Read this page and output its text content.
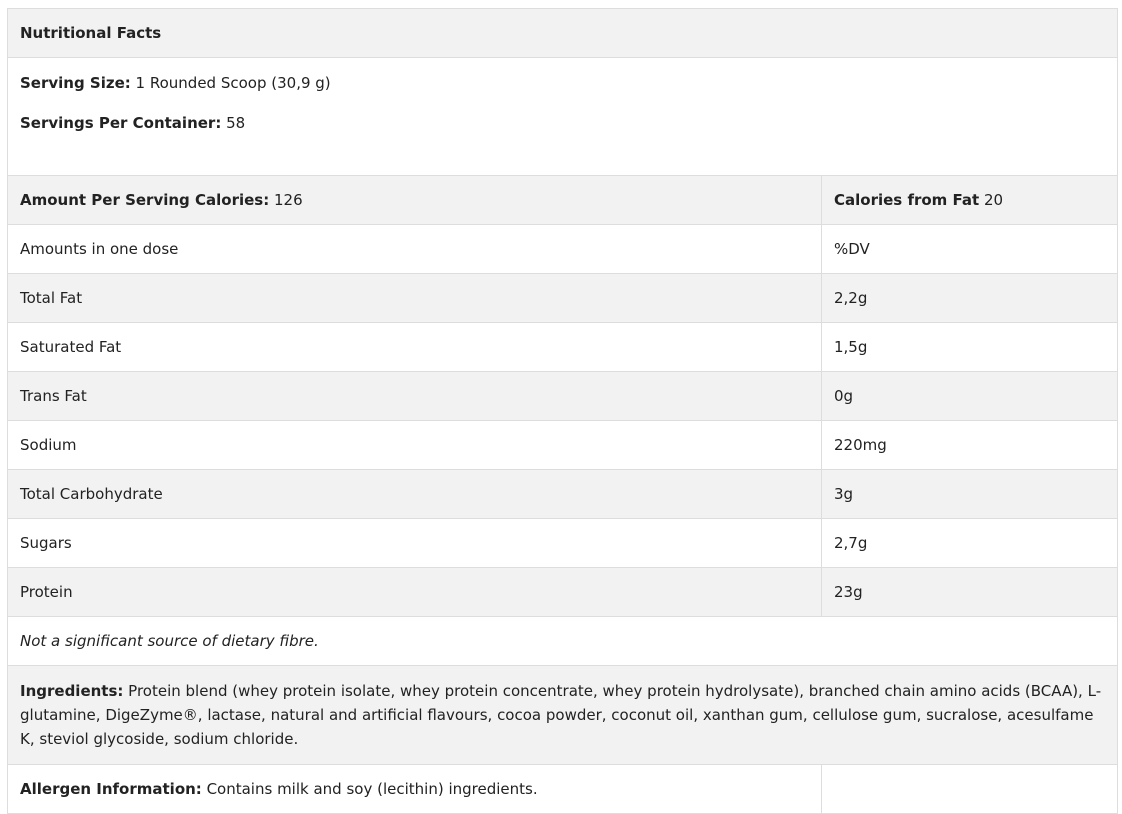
Nutritional Facts	

Serving Size: 1 Rounded Scoop (30,9 g)

Servings Per Container: 58	

Amount Per Serving Calories: 126	Calories from Fat 20
Amounts in one dose	%DV
Total Fat	2,2g
Saturated Fat	1,5g
Trans Fat	0g
Sodium	220mg
Total Carbohydrate	3g
Sugars	2,7g
Protein	23g
Not a significant source of dietary fibre.	
Ingredients: Protein blend (whey protein isolate, whey protein concentrate, whey protein hydrolysate), branched chain amino acids (BCAA), L-glutamine, DigeZyme®, lactase, natural and artificial flavours, cocoa powder, coconut oil, xanthan gum, cellulose gum, sucralose, acesulfame K, steviol glycoside, sodium chloride.	
Allergen Information: Contains milk and soy (lecithin) ingredients.	
